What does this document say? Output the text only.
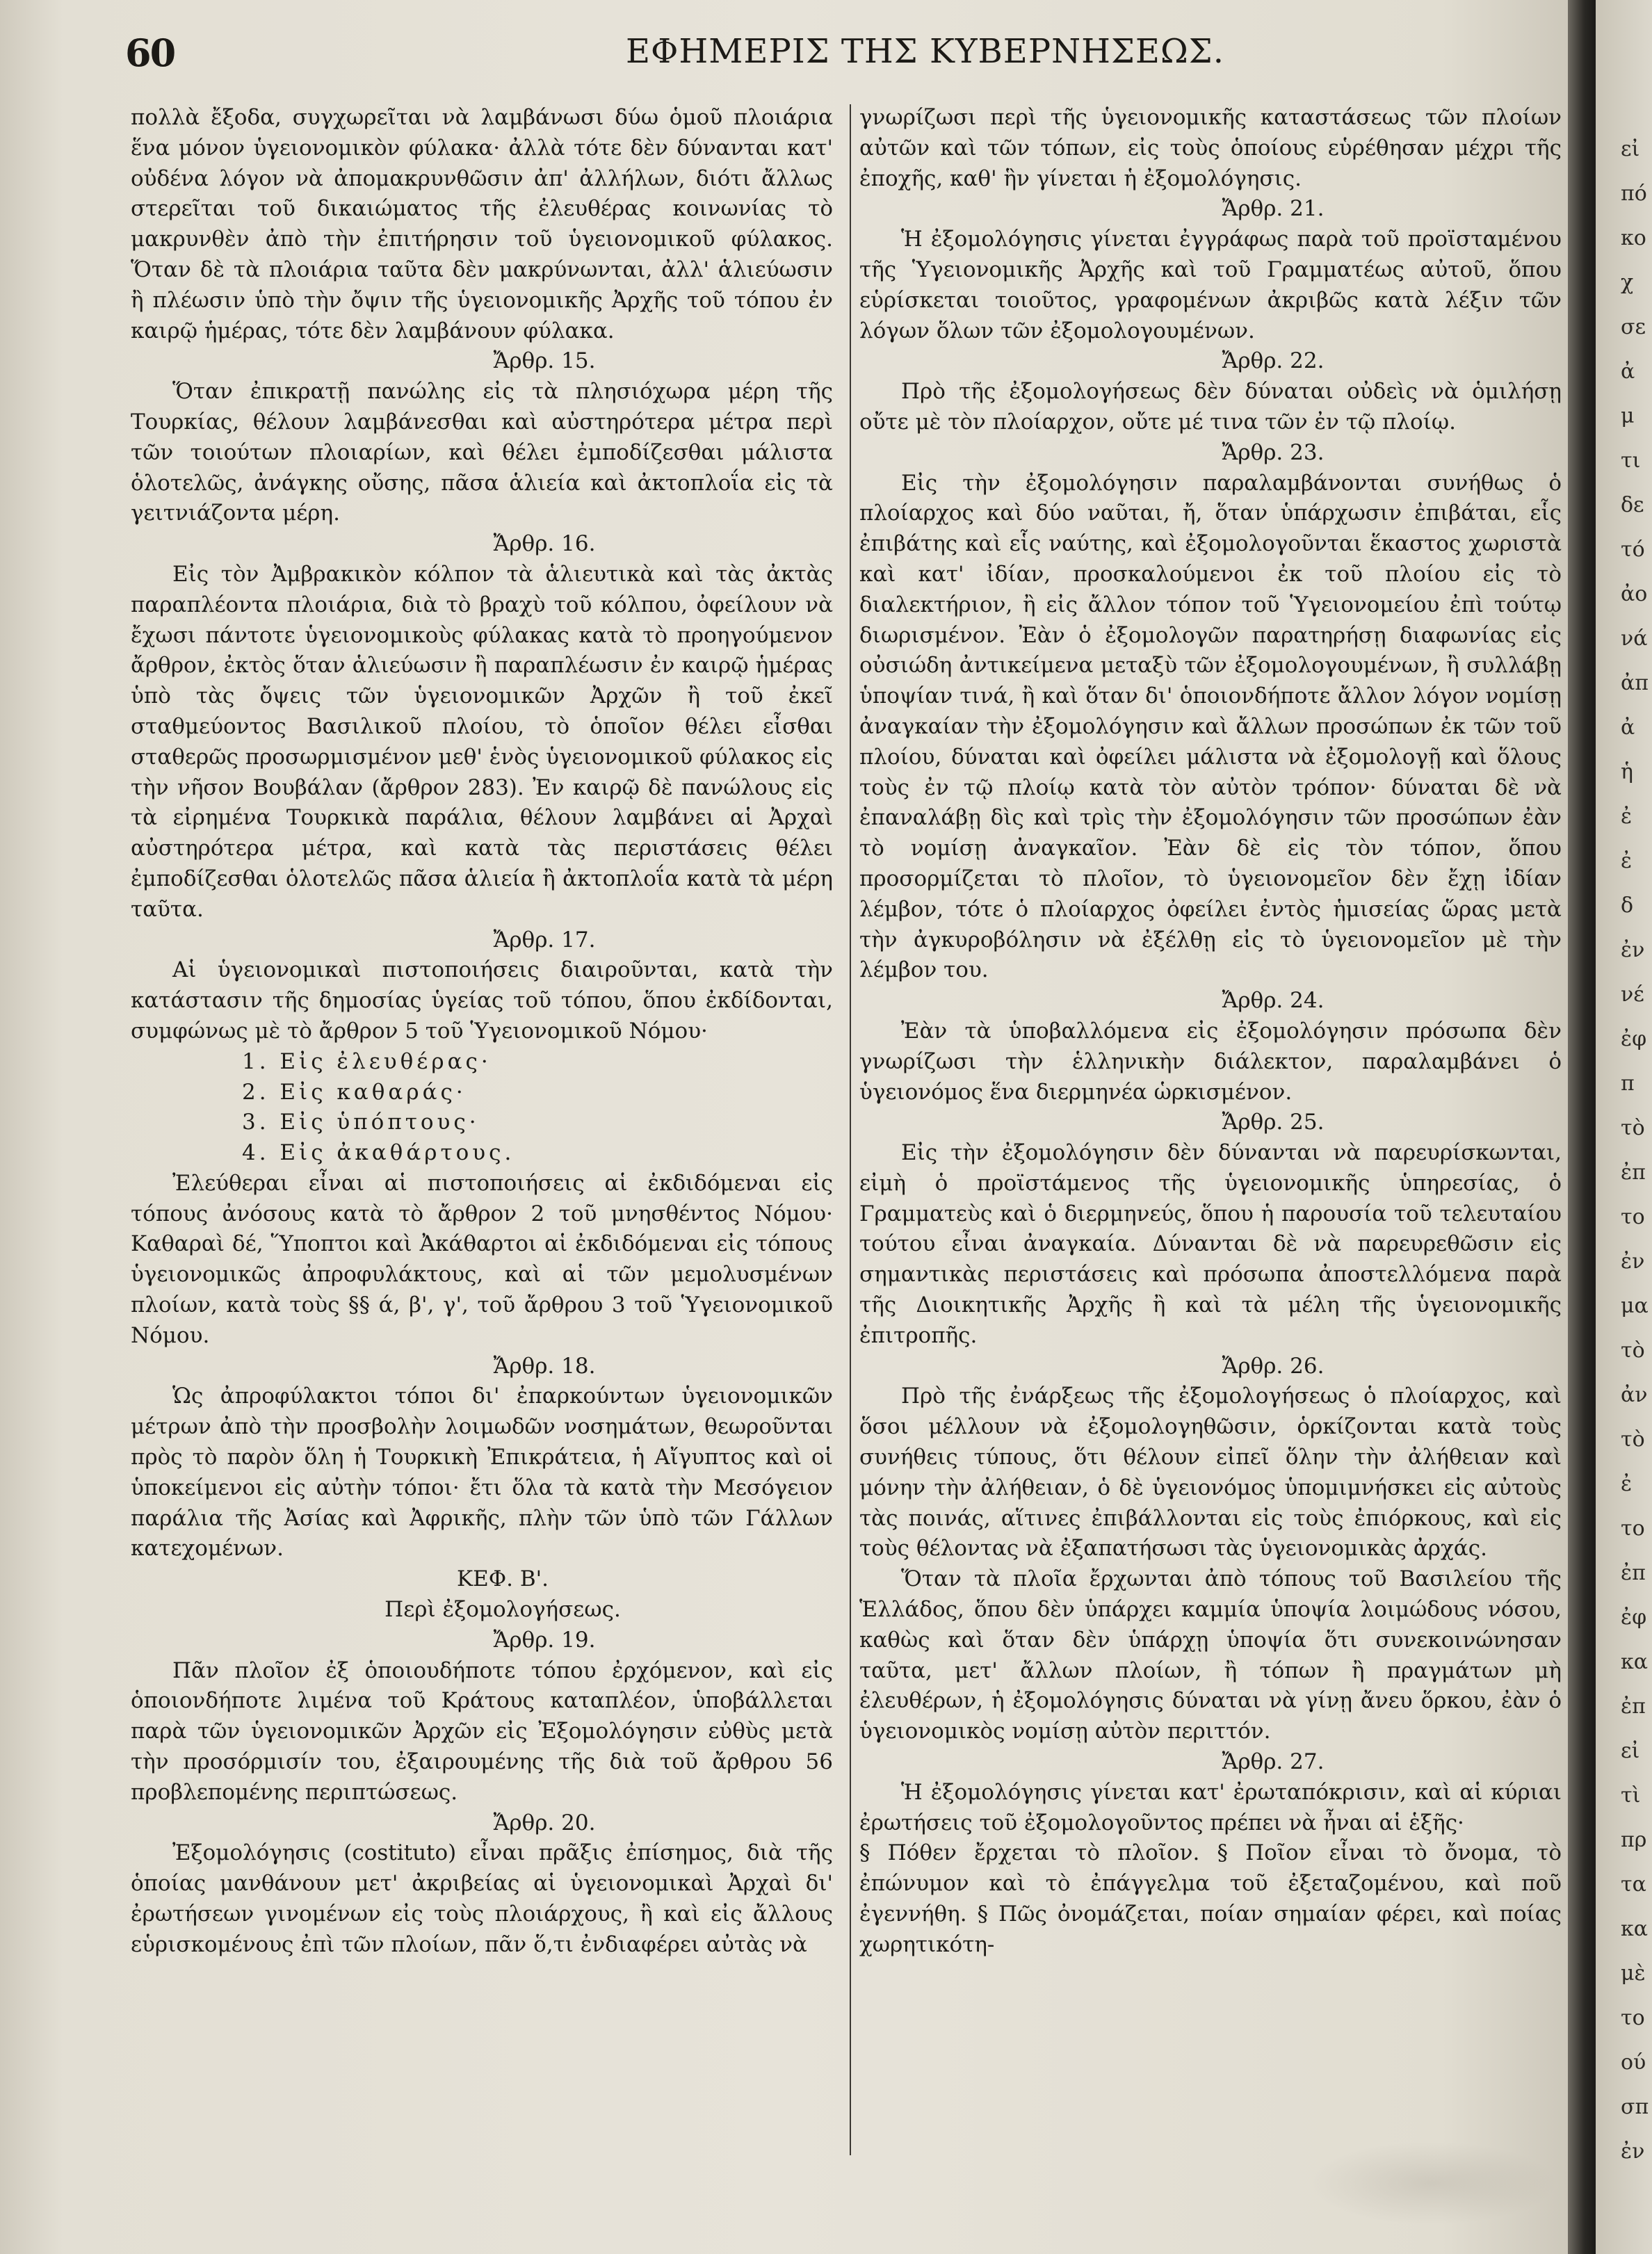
60	ΕΦΗΜΕΡΙΣ ΤΗΣ ΚΥΒΕΡΝΗΣΕΩΣ.

πολλὰ ἔξοδα, συγχωρεῖται νὰ λαμβάνωσι δύω ὁμοῦ πλοιάρια ἕνα μόνον ὑγειονομικὸν φύλακα· ἀλλὰ τότε δὲν δύνανται κατ' οὐδένα λόγον νὰ ἀπομακρυνθῶσιν ἀπ' ἀλλήλων, διότι ἄλλως στερεῖται τοῦ δικαιώματος τῆς ἐλευθέρας κοινωνίας τὸ μακρυνθὲν ἀπὸ τὴν ἐπιτήρησιν τοῦ ὑγειονομικοῦ φύλακος. Ὅταν δὲ τὰ πλοιάρια ταῦτα δὲν μακρύνωνται, ἀλλ' ἁλιεύωσιν ἢ πλέωσιν ὑπὸ τὴν ὄψιν τῆς ὑγειονομικῆς Ἀρχῆς τοῦ τόπου ἐν καιρῷ ἡμέρας, τότε δὲν λαμβάνουν φύλακα.

Ἄρθρ. 15.

Ὅταν ἐπικρατῇ πανώλης εἰς τὰ πλησιόχωρα μέρη τῆς Τουρκίας, θέλουν λαμβάνεσθαι καὶ αὐστηρότερα μέτρα περὶ τῶν τοιούτων πλοιαρίων, καὶ θέλει ἐμποδίζεσθαι μάλιστα ὁλοτελῶς, ἀνάγκης οὔσης, πᾶσα ἁλιεία καὶ ἀκτοπλοΐα εἰς τὰ γειτνιάζοντα μέρη.

Ἄρθρ. 16.

Εἰς τὸν Ἀμβρακικὸν κόλπον τὰ ἁλιευτικὰ καὶ τὰς ἀκτὰς παραπλέοντα πλοιάρια, διὰ τὸ βραχὺ τοῦ κόλπου, ὀφείλουν νὰ ἔχωσι πάντοτε ὑγειονομικοὺς φύλακας κατὰ τὸ προηγούμενον ἄρθρον, ἐκτὸς ὅταν ἁλιεύωσιν ἢ παραπλέωσιν ἐν καιρῷ ἡμέρας ὑπὸ τὰς ὄψεις τῶν ὑγειονομικῶν Ἀρχῶν ἢ τοῦ ἐκεῖ σταθμεύοντος Βασιλικοῦ πλοίου, τὸ ὁποῖον θέλει εἶσθαι σταθερῶς προσωρμισμένον μεθ' ἑνὸς ὑγειονομικοῦ φύλακος εἰς τὴν νῆσον Βουβάλαν (ἄρθρον 283). Ἐν καιρῷ δὲ πανώλους εἰς τὰ εἰρημένα Τουρκικὰ παράλια, θέλουν λαμβάνει αἱ Ἀρχαὶ αὐστηρότερα μέτρα, καὶ κατὰ τὰς περιστάσεις θέλει ἐμποδίζεσθαι ὁλοτελῶς πᾶσα ἁλιεία ἢ ἀκτοπλοΐα κατὰ τὰ μέρη ταῦτα.

Ἄρθρ. 17.

Αἱ ὑγειονομικαὶ πιστοποιήσεις διαιροῦνται, κατὰ τὴν κατάστασιν τῆς δημοσίας ὑγείας τοῦ τόπου, ὅπου ἐκδίδονται, συμφώνως μὲ τὸ ἄρθρον 5 τοῦ Ὑγειονομικοῦ Νόμου·

1. Εἰς ἐλευθέρας·
2. Εἰς καθαράς·
3. Εἰς ὑπόπτους·
4. Εἰς ἀκαθάρτους.

Ἐλεύθεραι εἶναι αἱ πιστοποιήσεις αἱ ἐκδιδόμεναι εἰς τόπους ἀνόσους κατὰ τὸ ἄρθρον 2 τοῦ μνησθέντος Νόμου· Καθαραὶ δέ, Ὕποπτοι καὶ Ἀκάθαρτοι αἱ ἐκδιδόμεναι εἰς τόπους ὑγειονομικῶς ἀπροφυλάκτους, καὶ αἱ τῶν μεμολυσμένων πλοίων, κατὰ τοὺς §§ ά, β', γ', τοῦ ἄρθρου 3 τοῦ Ὑγειονομικοῦ Νόμου.

Ἄρθρ. 18.

Ὡς ἀπροφύλακτοι τόποι δι' ἐπαρκούντων ὑγειονομικῶν μέτρων ἀπὸ τὴν προσβολὴν λοιμωδῶν νοσημάτων, θεωροῦνται πρὸς τὸ παρὸν ὅλη ἡ Τουρκικὴ Ἐπικράτεια, ἡ Αἴγυπτος καὶ οἱ ὑποκείμενοι εἰς αὐτὴν τόποι· ἔτι ὅλα τὰ κατὰ τὴν Μεσόγειον παράλια τῆς Ἀσίας καὶ Ἀφρικῆς, πλὴν τῶν ὑπὸ τῶν Γάλλων κατεχομένων.

ΚΕΦ. Β'.

Περὶ ἐξομολογήσεως.

Ἄρθρ. 19.

Πᾶν πλοῖον ἐξ ὁποιουδήποτε τόπου ἐρχόμενον, καὶ εἰς ὁποιονδήποτε λιμένα τοῦ Κράτους καταπλέον, ὑποβάλλεται παρὰ τῶν ὑγειονομικῶν Ἀρχῶν εἰς Ἐξομολόγησιν εὐθὺς μετὰ τὴν προσόρμισίν του, ἐξαιρουμένης τῆς διὰ τοῦ ἄρθρου 56 προβλεπομένης περιπτώσεως.

Ἄρθρ. 20.

Ἐξομολόγησις (costituto) εἶναι πρᾶξις ἐπίσημος, διὰ τῆς ὁποίας μανθάνουν μετ' ἀκριβείας αἱ ὑγειονομικαὶ Ἀρχαὶ δι' ἐρωτήσεων γινομένων εἰς τοὺς πλοιάρχους, ἢ καὶ εἰς ἄλλους εὑρισκομένους ἐπὶ τῶν πλοίων, πᾶν ὅ,τι ἐνδιαφέρει αὐτὰς νὰ

γνωρίζωσι περὶ τῆς ὑγειονομικῆς καταστάσεως τῶν πλοίων αὐτῶν καὶ τῶν τόπων, εἰς τοὺς ὁποίους εὑρέθησαν μέχρι τῆς ἐποχῆς, καθ' ἣν γίνεται ἡ ἐξομολόγησις.

Ἄρθρ. 21.

Ἡ ἐξομολόγησις γίνεται ἐγγράφως παρὰ τοῦ προϊσταμένου τῆς Ὑγειονομικῆς Ἀρχῆς καὶ τοῦ Γραμματέως αὐτοῦ, ὅπου εὑρίσκεται τοιοῦτος, γραφομένων ἀκριβῶς κατὰ λέξιν τῶν λόγων ὅλων τῶν ἐξομολογουμένων.

Ἄρθρ. 22.

Πρὸ τῆς ἐξομολογήσεως δὲν δύναται οὐδεὶς νὰ ὁμιλήσῃ οὔτε μὲ τὸν πλοίαρχον, οὔτε μέ τινα τῶν ἐν τῷ πλοίῳ.

Ἄρθρ. 23.

Εἰς τὴν ἐξομολόγησιν παραλαμβάνονται συνήθως ὁ πλοίαρχος καὶ δύο ναῦται, ἤ, ὅταν ὑπάρχωσιν ἐπιβάται, εἷς ἐπιβάτης καὶ εἷς ναύτης, καὶ ἐξομολογοῦνται ἕκαστος χωριστὰ καὶ κατ' ἰδίαν, προσκαλούμενοι ἐκ τοῦ πλοίου εἰς τὸ διαλεκτήριον, ἢ εἰς ἄλλον τόπον τοῦ Ὑγειονομείου ἐπὶ τούτῳ διωρισμένον. Ἐὰν ὁ ἐξομολογῶν παρατηρήσῃ διαφωνίας εἰς οὐσιώδη ἀντικείμενα μεταξὺ τῶν ἐξομολογουμένων, ἢ συλλάβῃ ὑποψίαν τινά, ἢ καὶ ὅταν δι' ὁποιονδήποτε ἄλλον λόγον νομίσῃ ἀναγκαίαν τὴν ἐξομολόγησιν καὶ ἄλλων προσώπων ἐκ τῶν τοῦ πλοίου, δύναται καὶ ὀφείλει μάλιστα νὰ ἐξομολογῇ καὶ ὅλους τοὺς ἐν τῷ πλοίῳ κατὰ τὸν αὐτὸν τρόπον· δύναται δὲ νὰ ἐπαναλάβῃ δὶς καὶ τρὶς τὴν ἐξομολόγησιν τῶν προσώπων ἐὰν τὸ νομίσῃ ἀναγκαῖον. Ἐὰν δὲ εἰς τὸν τόπον, ὅπου προσορμίζεται τὸ πλοῖον, τὸ ὑγειονομεῖον δὲν ἔχῃ ἰδίαν λέμβον, τότε ὁ πλοίαρχος ὀφείλει ἐντὸς ἡμισείας ὥρας μετὰ τὴν ἀγκυροβόλησιν νὰ ἐξέλθῃ εἰς τὸ ὑγειονομεῖον μὲ τὴν λέμβον του.

Ἄρθρ. 24.

Ἐὰν τὰ ὑποβαλλόμενα εἰς ἐξομολόγησιν πρόσωπα δὲν γνωρίζωσι τὴν ἑλληνικὴν διάλεκτον, παραλαμβάνει ὁ ὑγειονόμος ἕνα διερμηνέα ὡρκισμένον.

Ἄρθρ. 25.

Εἰς τὴν ἐξομολόγησιν δὲν δύνανται νὰ παρευρίσκωνται, εἰμὴ ὁ προϊστάμενος τῆς ὑγειονομικῆς ὑπηρεσίας, ὁ Γραμματεὺς καὶ ὁ διερμηνεύς, ὅπου ἡ παρουσία τοῦ τελευταίου τούτου εἶναι ἀναγκαία. Δύνανται δὲ νὰ παρευρεθῶσιν εἰς σημαντικὰς περιστάσεις καὶ πρόσωπα ἀποστελλόμενα παρὰ τῆς Διοικητικῆς Ἀρχῆς ἢ καὶ τὰ μέλη τῆς ὑγειονομικῆς ἐπιτροπῆς.

Ἄρθρ. 26.

Πρὸ τῆς ἐνάρξεως τῆς ἐξομολογήσεως ὁ πλοίαρχος, καὶ ὅσοι μέλλουν νὰ ἐξομολογηθῶσιν, ὁρκίζονται κατὰ τοὺς συνήθεις τύπους, ὅτι θέλουν εἰπεῖ ὅλην τὴν ἀλήθειαν καὶ μόνην τὴν ἀλήθειαν, ὁ δὲ ὑγειονόμος ὑπομιμνήσκει εἰς αὐτοὺς τὰς ποινάς, αἵτινες ἐπιβάλλονται εἰς τοὺς ἐπιόρκους, καὶ εἰς τοὺς θέλοντας νὰ ἐξαπατήσωσι τὰς ὑγειονομικὰς ἀρχάς.

Ὅταν τὰ πλοῖα ἔρχωνται ἀπὸ τόπους τοῦ Βασιλείου τῆς Ἑλλάδος, ὅπου δὲν ὑπάρχει καμμία ὑποψία λοιμώδους νόσου, καθὼς καὶ ὅταν δὲν ὑπάρχῃ ὑποψία ὅτι συνεκοινώνησαν ταῦτα, μετ' ἄλλων πλοίων, ἢ τόπων ἢ πραγμάτων μὴ ἐλευθέρων, ἡ ἐξομολόγησις δύναται νὰ γίνῃ ἄνευ ὅρκου, ἐὰν ὁ ὑγειονομικὸς νομίσῃ αὐτὸν περιττόν.

Ἄρθρ. 27.

Ἡ ἐξομολόγησις γίνεται κατ' ἐρωταπόκρισιν, καὶ αἱ κύριαι ἐρωτήσεις τοῦ ἐξομολογοῦντος πρέπει νὰ ἦναι αἱ ἑξῆς·

§ Πόθεν ἔρχεται τὸ πλοῖον. § Ποῖον εἶναι τὸ ὄνομα, τὸ ἐπώνυμον καὶ τὸ ἐπάγγελμα τοῦ ἐξεταζομένου, καὶ ποῦ ἐγεννήθη. § Πῶς ὀνομάζεται, ποίαν σημαίαν φέρει, καὶ ποίας χωρητικότη-

εἰ
πό
κο
χ
σε
ἀ
μ
τι
δε
τό
ἀο
νά
ἀπ
ἀ
ἡ
ἐ
ἐ
δ
ἐν
νέ
ἐφ
π
τὸ
ἐπ
το
ἐν
μα
τὸ
ἀν
τὸ
ἐ
το
ἐπ
ἐφ
κα
ἐπ
εἰ
τὶ
πρ
τα
κα
μὲ
το
ού
σπ
ἐν
